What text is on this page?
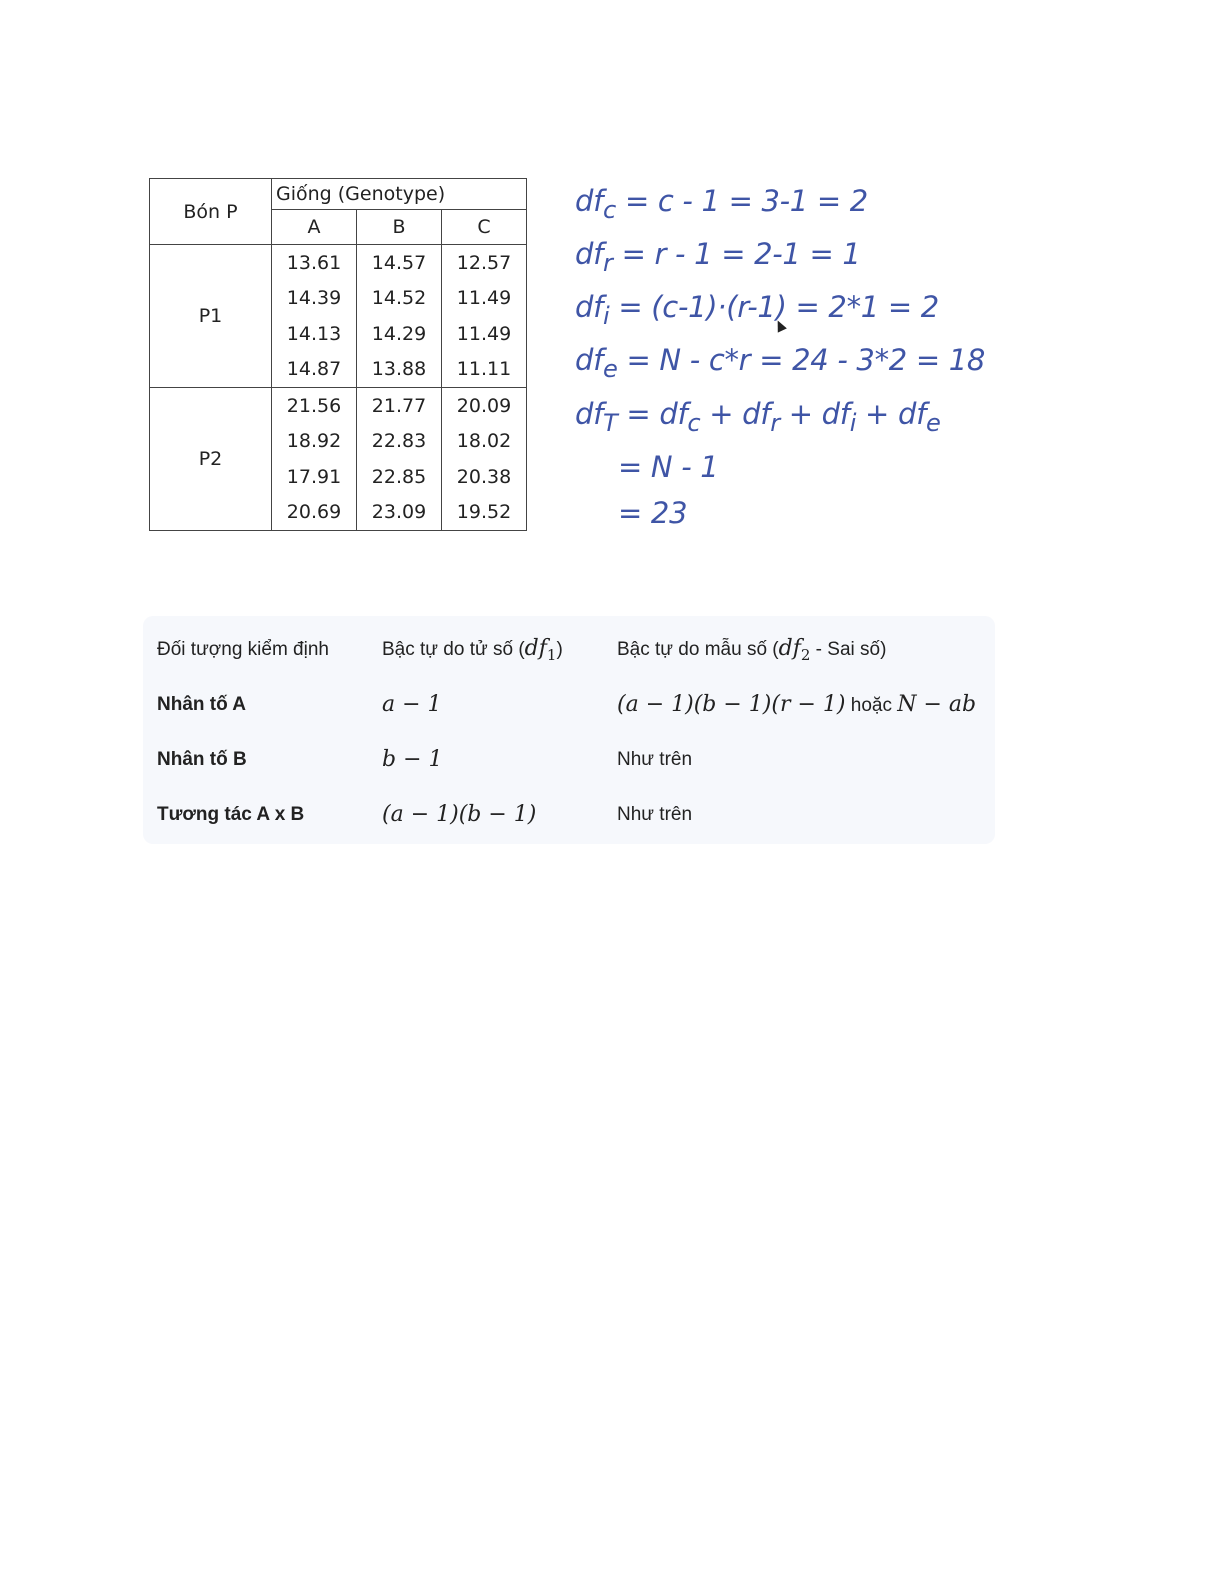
Bón P	Giống (Genotype)		
	A	B	C
P1	13.61	14.57	12.57
	14.39	14.52	11.49
	14.13	14.29	11.49
	14.87	13.88	11.11
P2	21.56	21.77	20.09
	18.92	22.83	18.02
	17.91	22.85	20.38
	20.69	23.09	19.52
$df_c = c - 1 = 3-1 = 2$
$df_r = r - 1 = 2-1 = 1$
$df_i = (c-1)\cdot(r-1) = 2*1 = 2$
$df_e = N - c*r = 24 - 3*2 = 18$
$df_T = df_c + df_r + df_i + df_e$
= N - 1
= 23
Đối tượng kiểm định	Bậc tự do tử số $(df_1)$	Bậc tự do mẫu số ($df_2$ - Sai số)
Nhân tố A	a − 1	(a − 1)(b − 1)(r − 1) hoặc N − ab
Nhân tố B	b − 1	Như trên
Tương tác A x B	(a − 1)(b − 1)	Như trên
